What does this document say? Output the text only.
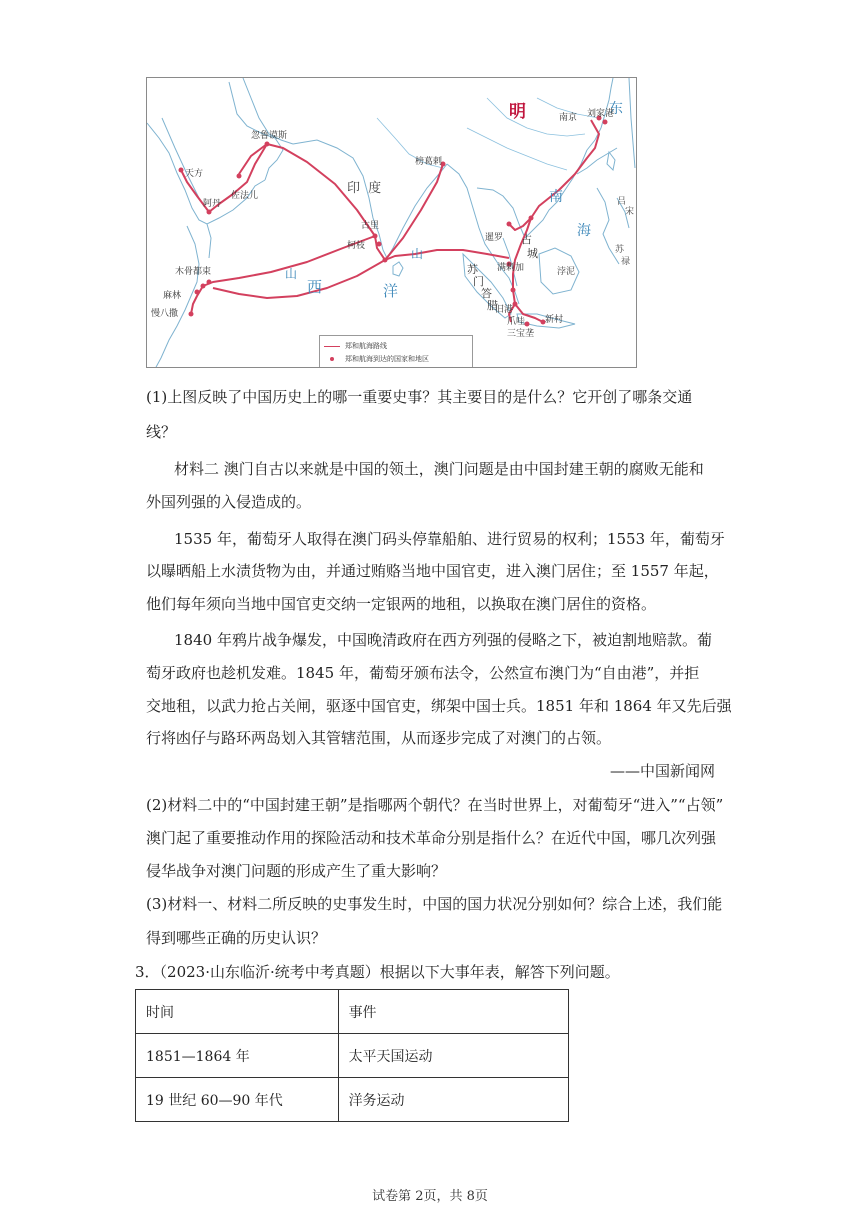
明
印 度
东
南
海
西	洋
吕
宋
苏
禄
浡泥
山
山
南京 刘家港
忽鲁谟斯
天方
佐法儿
阿丹
木骨都束
麻林
慢八撒
榜葛剌
古里
柯枝
暹罗 占
城
苏
门
答
腊
满剌加
旧港
爪哇
三宝垄
新村
郑和航海路线
郑和航海到达的国家和地区
(1)上图反映了中国历史上的哪一重要史事？其主要目的是什么？它开创了哪条交通
线？
材料二 澳门自古以来就是中国的领土，澳门问题是由中国封建王朝的腐败无能和
外国列强的入侵造成的。
1535 年，葡萄牙人取得在澳门码头停靠船舶、进行贸易的权利；1553 年，葡萄牙
以曝晒船上水渍货物为由，并通过贿赂当地中国官吏，进入澳门居住；至 1557 年起，
他们每年须向当地中国官吏交纳一定银两的地租，以换取在澳门居住的资格。
1840 年鸦片战争爆发，中国晚清政府在西方列强的侵略之下，被迫割地赔款。葡
萄牙政府也趁机发难。1845 年，葡萄牙颁布法令，公然宣布澳门为“自由港”，并拒
交地租，以武力抢占关闸，驱逐中国官吏，绑架中国士兵。1851 年和 1864 年又先后强
行将凼仔与路环两岛划入其管辖范围，从而逐步完成了对澳门的占领。
——中国新闻网
(2)材料二中的“中国封建王朝”是指哪两个朝代？在当时世界上，对葡萄牙“进入”“占领”
澳门起了重要推动作用的探险活动和技术革命分别是指什么？在近代中国，哪几次列强
侵华战争对澳门问题的形成产生了重大影响？
(3)材料一、材料二所反映的史事发生时，中国的国力状况分别如何？综合上述，我们能
得到哪些正确的历史认识？
3．（2023·山东临沂·统考中考真题）根据以下大事年表，解答下列问题。
时间	事件
1851—1864 年	太平天国运动
19 世纪 60—90 年代	洋务运动
试卷第 2页，共 8页
